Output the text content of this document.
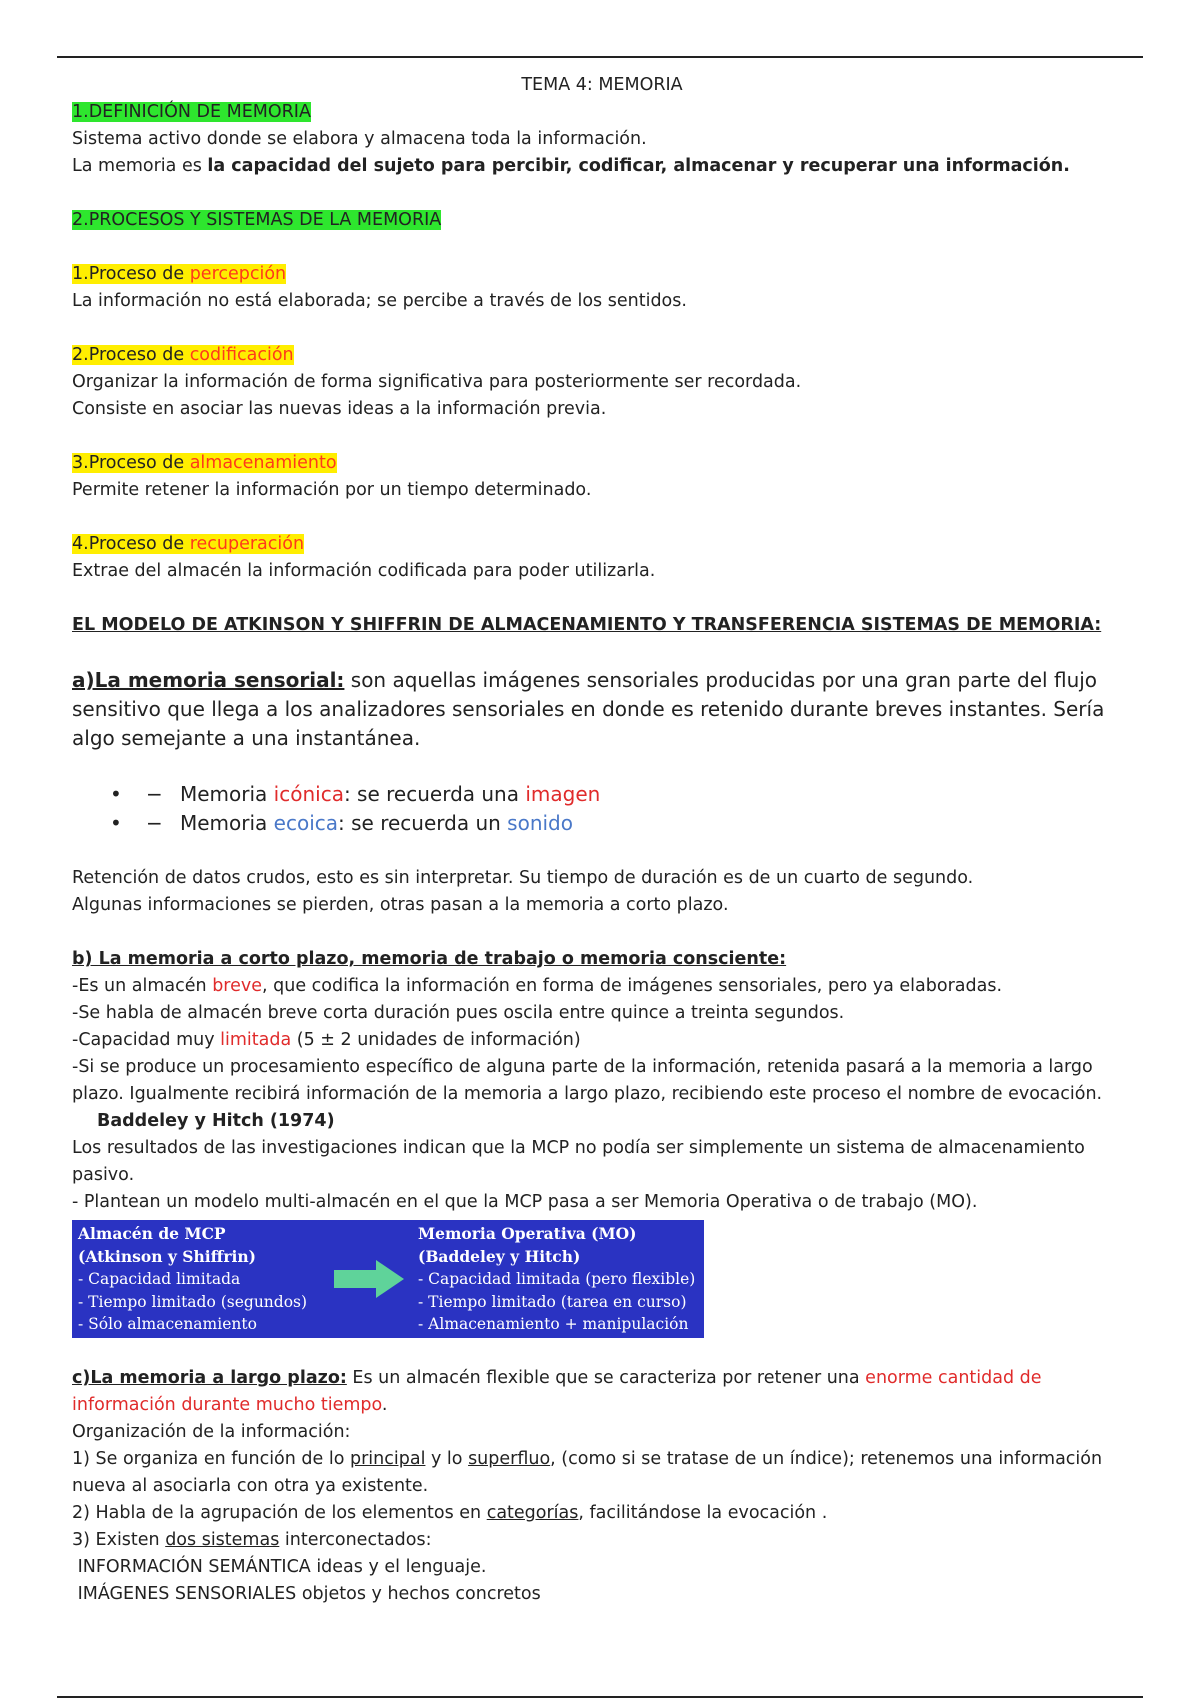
TEMA 4: MEMORIA

1.DEFINICIÓN DE MEMORIA

Sistema activo donde se elabora y almacena toda la información.

La memoria es la capacidad del sujeto para percibir, codificar, almacenar y recuperar una información.

2.PROCESOS Y SISTEMAS DE LA MEMORIA

1.Proceso de percepción

La información no está elaborada; se percibe a través de los sentidos.

2.Proceso de codificación

Organizar la información de forma significativa para posteriormente ser recordada.

Consiste en asociar las nuevas ideas a la información previa.

3.Proceso de almacenamiento

Permite retener la información por un tiempo determinado.

4.Proceso de recuperación

Extrae del almacén la información codificada para poder utilizarla.

EL MODELO DE ATKINSON Y SHIFFRIN DE ALMACENAMIENTO Y TRANSFERENCIA SISTEMAS DE MEMORIA:

a)La memoria sensorial: son aquellas imágenes sensoriales producidas por una gran parte del flujo sensitivo que llega a los analizadores sensoriales en donde es retenido durante breves instantes. Sería algo semejante a una instantánea.

• − Memoria icónica: se recuerda una imagen
• − Memoria ecoica: se recuerda un sonido

Retención de datos crudos, esto es sin interpretar. Su tiempo de duración es de un cuarto de segundo.

Algunas informaciones se pierden, otras pasan a la memoria a corto plazo.

b) La memoria a corto plazo, memoria de trabajo o memoria consciente:

-Es un almacén breve, que codifica la información en forma de imágenes sensoriales, pero ya elaboradas.

-Se habla de almacén breve corta duración pues oscila entre quince a treinta segundos.

-Capacidad muy limitada (5 ± 2 unidades de información)

-Si se produce un procesamiento específico de alguna parte de la información, retenida pasará a la memoria a largo

plazo. Igualmente recibirá información de la memoria a largo plazo, recibiendo este proceso el nombre de evocación.

Baddeley y Hitch (1974)

Los resultados de las investigaciones indican que la MCP no podía ser simplemente un sistema de almacenamiento

pasivo.

- Plantean un modelo multi-almacén en el que la MCP pasa a ser Memoria Operativa o de trabajo (MO).

Almacén de MCP
(Atkinson y Shiffrin)
- Capacidad limitada
- Tiempo limitado (segundos)
- Sólo almacenamiento
Memoria Operativa (MO)
(Baddeley y Hitch)
- Capacidad limitada (pero flexible)
- Tiempo limitado (tarea en curso)
- Almacenamiento + manipulación

c)La memoria a largo plazo: Es un almacén flexible que se caracteriza por retener una enorme cantidad de

información durante mucho tiempo.

Organización de la información:

1) Se organiza en función de lo principal y lo superfluo, (como si se tratase de un índice); retenemos una información

nueva al asociarla con otra ya existente.

2) Habla de la agrupación de los elementos en categorías, facilitándose la evocación .

3) Existen dos sistemas interconectados:

INFORMACIÓN SEMÁNTICA ideas y el lenguaje.

IMÁGENES SENSORIALES objetos y hechos concretos
